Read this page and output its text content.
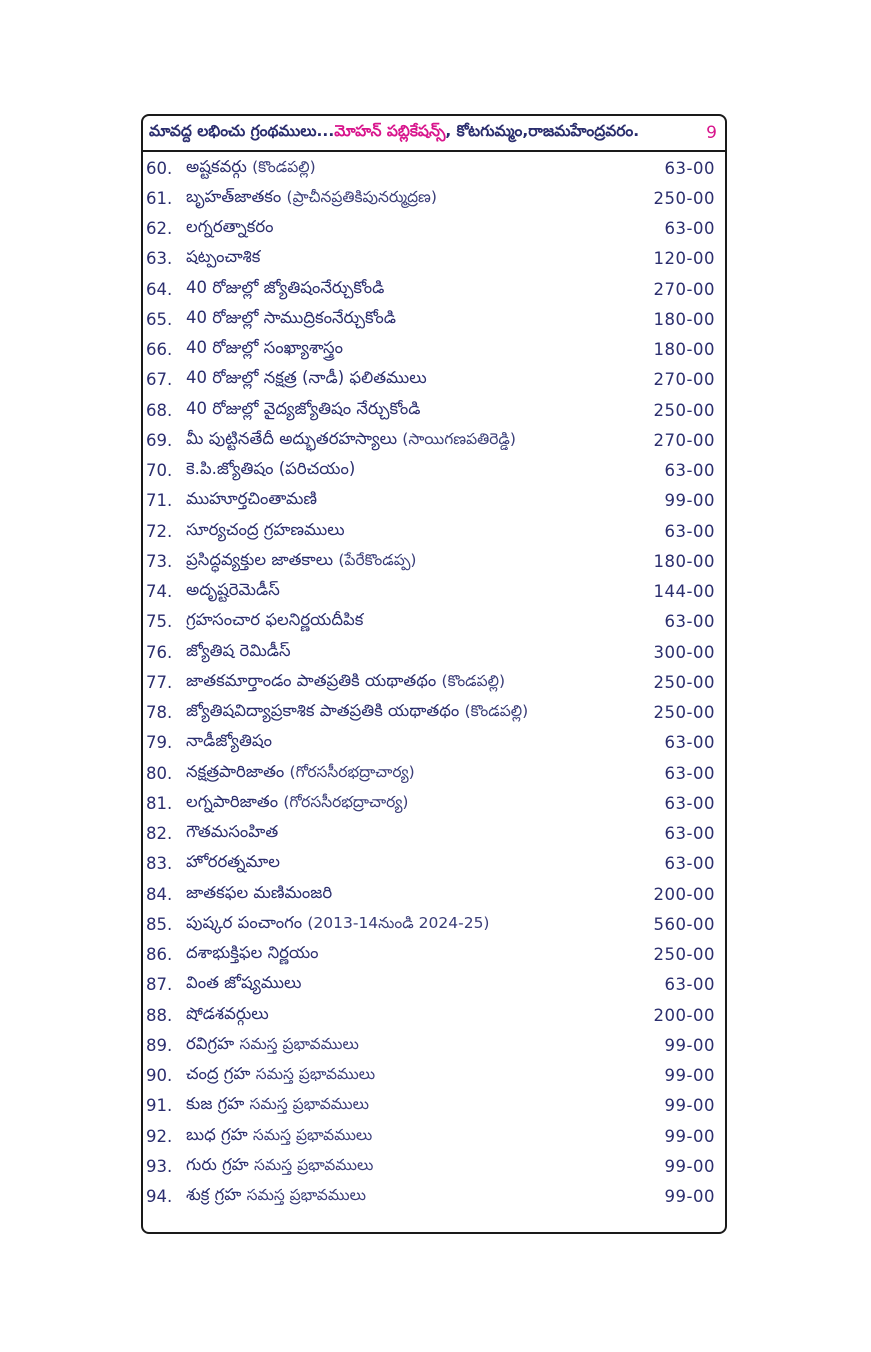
మావద్ద లభించు గ్రంథములు... మోహన్ పబ్లికేషన్స్ , కోటగుమ్మం,రాజమహేంద్రవరం.	9
60. అష్టకవర్గు (కొండపల్లి)	63-00
61. బృహత్‌జాతకం (ప్రాచీనప్రతికిపునర్ముద్రణ)	250-00
62. లగ్నరత్నాకరం	63-00
63. షట్పంచాశిక	120-00
64. 40 రోజుల్లో జ్యోతిషంనేర్చుకోండి	270-00
65. 40 రోజుల్లో సాముద్రికంనేర్చుకోండి	180-00
66. 40 రోజుల్లో సంఖ్యాశాస్త్రం	180-00
67. 40 రోజుల్లో నక్షత్ర (నాడీ) ఫలితములు	270-00
68. 40 రోజుల్లో వైద్యజ్యోతిషం నేర్చుకోండి	250-00
69. మీ పుట్టినతేదీ అద్భుతరహస్యాలు (సాయిగణపతిరెడ్డి)	270-00
70. కె.పి.జ్యోతిషం (పరిచయం)	63-00
71. ముహూర్తచింతామణి	99-00
72. సూర్యచంద్ర గ్రహణములు	63-00
73. ప్రసిద్ధవ్యక్తుల జాతకాలు (పేరేకొండప్ప)	180-00
74. అదృష్టరెమెడీస్	144-00
75. గ్రహసంచార ఫలనిర్ణయదీపిక	63-00
76. జ్యోతిష రెమిడీస్	300-00
77. జాతకమార్తాండం పాతప్రతికి యథాతథం (కొండపల్లి)	250-00
78. జ్యోతిషవిద్యాప్రకాశిక పాతప్రతికి యథాతథం (కొండపల్లి)	250-00
79. నాడీజ్యోతిషం	63-00
80. నక్షత్రపారిజాతం (గోరససీరభద్రాచార్య)	63-00
81. లగ్నపారిజాతం (గోరససీరభద్రాచార్య)	63-00
82. గౌతమసంహిత	63-00
83. హోరరత్నమాల	63-00
84. జాతకఫల మణిమంజరి	200-00
85. పుష్కర పంచాంగం (2013-14నుండి 2024-25)	560-00
86. దశాభుక్తిఫల నిర్ణయం	250-00
87. వింత జోష్యములు	63-00
88. షోడశవర్గులు	200-00
89. రవిగ్రహ సమస్త ప్రభావములు	99-00
90. చంద్ర గ్రహ సమస్త ప్రభావములు	99-00
91. కుజ గ్రహ సమస్త ప్రభావములు	99-00
92. బుధ గ్రహ సమస్త ప్రభావములు	99-00
93. గురు గ్రహ సమస్త ప్రభావములు	99-00
94. శుక్ర గ్రహ సమస్త ప్రభావములు	99-00
